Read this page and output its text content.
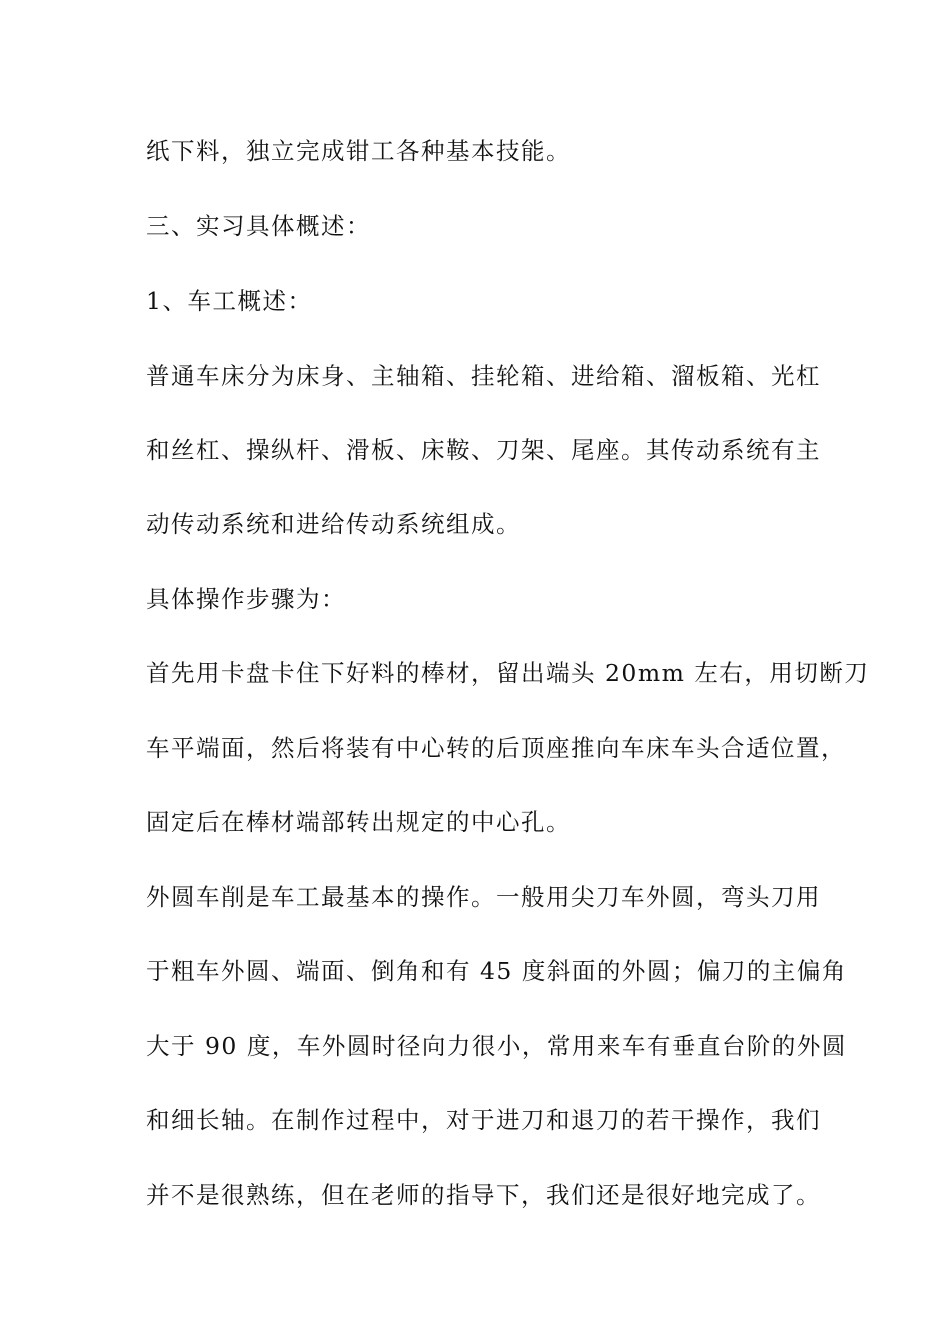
纸下料，独立完成钳工各种基本技能。
三、实习具体概述：
1、车工概述：
普通车床分为床身、主轴箱、挂轮箱、进给箱、溜板箱、光杠
和丝杠、操纵杆、滑板、床鞍、刀架、尾座。其传动系统有主
动传动系统和进给传动系统组成。
具体操作步骤为：
首先用卡盘卡住下好料的棒材，留出端头 20mm 左右，用切断刀
车平端面，然后将装有中心转的后顶座推向车床车头合适位置，
固定后在棒材端部转出规定的中心孔。
外圆车削是车工最基本的操作。一般用尖刀车外圆，弯头刀用
于粗车外圆、端面、倒角和有 45 度斜面的外圆；偏刀的主偏角
大于 90 度，车外圆时径向力很小，常用来车有垂直台阶的外圆
和细长轴。在制作过程中，对于进刀和退刀的若干操作，我们
并不是很熟练，但在老师的指导下，我们还是很好地完成了。
